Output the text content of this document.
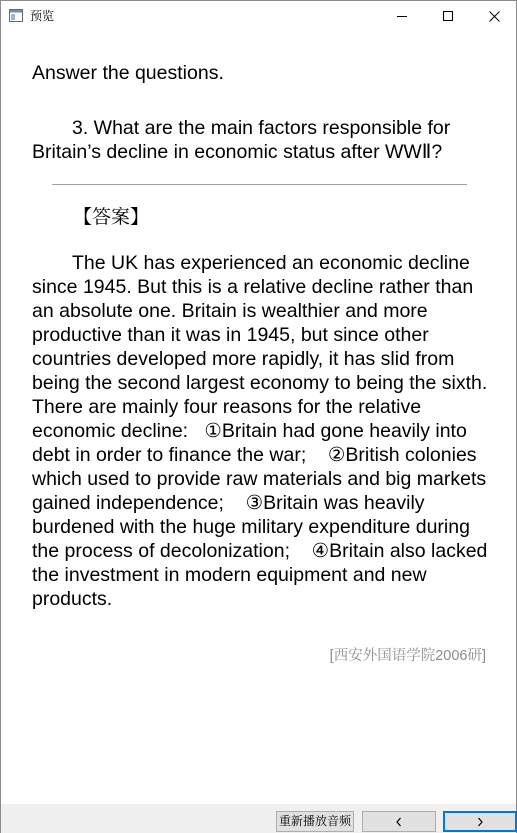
预览
Answer the questions.
3. What are the main factors responsible for Britain’s decline in economic status after WWⅡ?
【答案】
The UK has experienced an economic decline since 1945. But this is a relative decline rather than an absolute one. Britain is wealthier and more productive than it was in 1945, but since other countries developed more rapidly, it has slid from being the second largest economy to being the sixth. There are mainly four reasons for the relative economic decline:   ①Britain had gone heavily into debt in order to finance the war;    ②British colonies which used to provide raw materials and big markets gained independence;    ③Britain was heavily burdened with the huge military expenditure during the process of decolonization;    ④Britain also lacked the investment in modern equipment and new products.
[西安外国语学院2006研]
重新播放音频
